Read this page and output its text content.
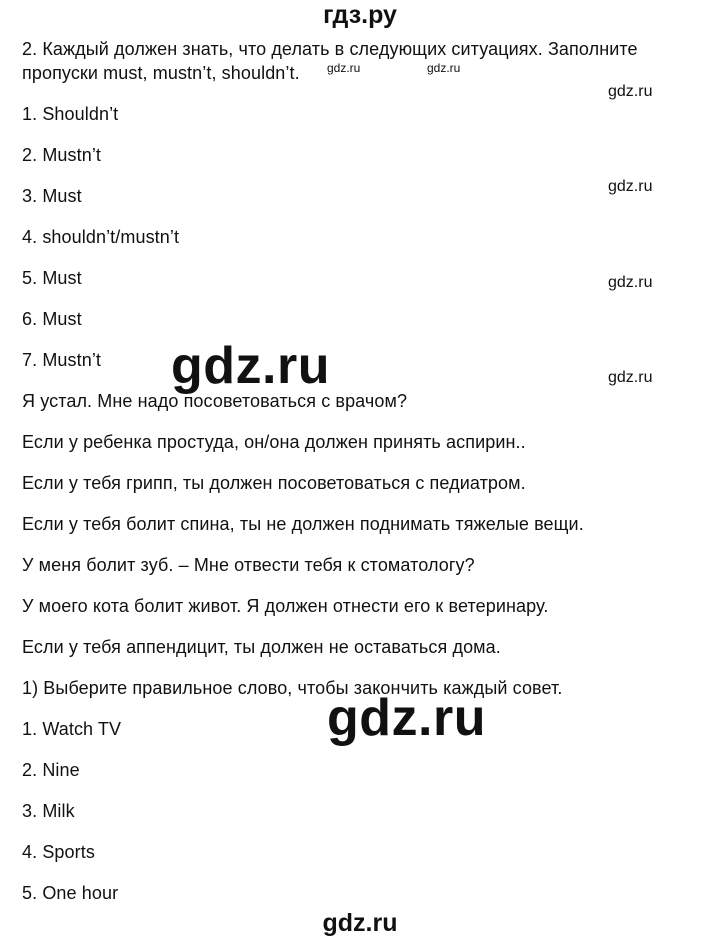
гдз.ру
2. Каждый должен знать, что делать в следующих ситуациях. Заполните
пропуски must, mustn’t, shouldn’t.
1. Shouldn’t
2. Mustn’t
3. Must
4. shouldn’t/mustn’t
5. Must
6. Must
7. Mustn’t
Я устал. Мне надо посоветоваться с врачом?
Если у ребенка простуда, он/она должен принять аспирин..
Если у тебя грипп, ты должен посоветоваться с педиатром.
Если у тебя болит спина, ты не должен поднимать тяжелые вещи.
У меня болит зуб. – Мне отвести тебя к стоматологу?
У моего кота болит живот. Я должен отнести его к ветеринару.
Если у тебя аппендицит, ты должен не оставаться дома.
1) Выберите правильное слово, чтобы закончить каждый совет.
1. Watch TV
2. Nine
3. Milk
4. Sports
5. One hour
gdz.ru	gdz.ru
gdz.ru
gdz.ru
gdz.ru
gdz.ru
gdz.ru
gdz.ru
gdz.ru
